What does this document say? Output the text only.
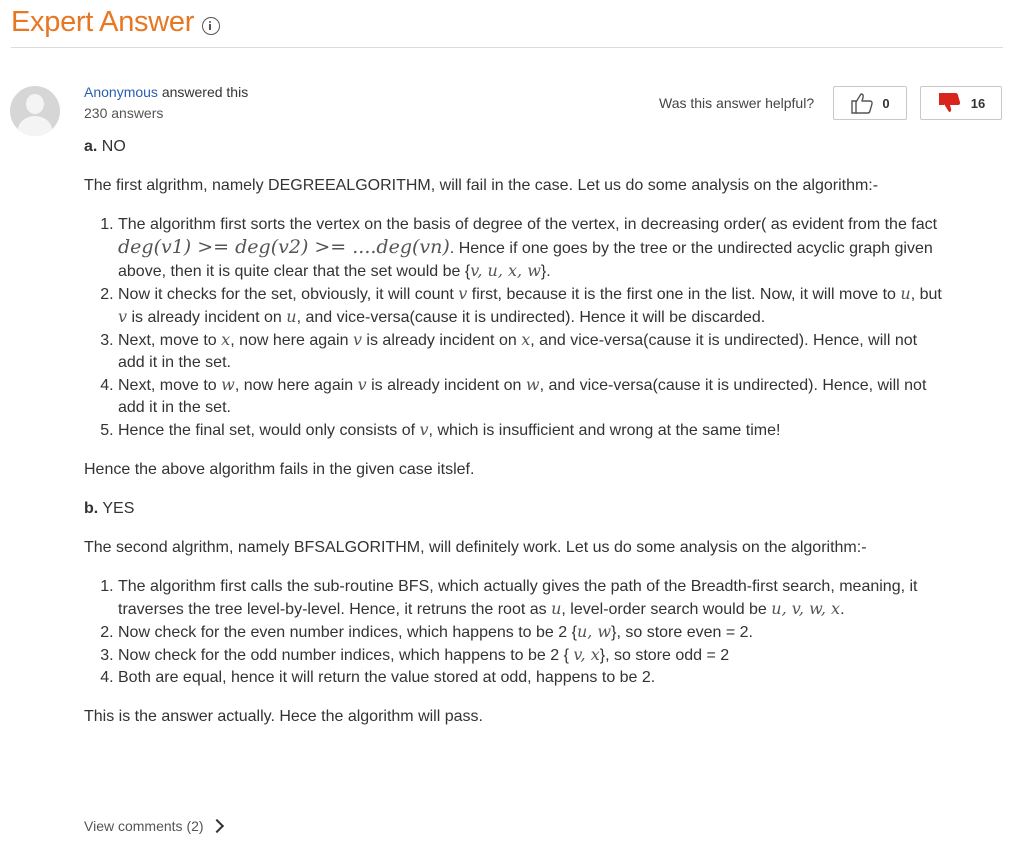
Expert Answer
Anonymous answered this
230 answers
Was this answer helpful?	0	16

a. NO

The first algrithm, namely DEGREEALGORITHM, will fail in the case. Let us do some analysis on the algorithm:-

1. The algorithm first sorts the vertex on the basis of degree of the vertex, in decreasing order( as evident from the fact deg(v1) >= deg(v2) >= ....deg(vn). Hence if one goes by the tree or the undirected acyclic graph given above, then it is quite clear that the set would be {v, u, x, w}.
2. Now it checks for the set, obviously, it will count v first, because it is the first one in the list. Now, it will move to u, but v is already incident on u, and vice-versa(cause it is undirected). Hence it will be discarded.
3. Next, move to x, now here again v is already incident on x, and vice-versa(cause it is undirected). Hence, will not add it in the set.
4. Next, move to w, now here again v is already incident on w, and vice-versa(cause it is undirected). Hence, will not add it in the set.
5. Hence the final set, would only consists of v, which is insufficient and wrong at the same time!

Hence the above algorithm fails in the given case itslef.

b. YES

The second algrithm, namely BFSALGORITHM, will definitely work. Let us do some analysis on the algorithm:-

1. The algorithm first calls the sub-routine BFS, which actually gives the path of the Breadth-first search, meaning, it traverses the tree level-by-level. Hence, it retruns the root as u, level-order search would be u, v, w, x.
2. Now check for the even number indices, which happens to be 2 {u, w}, so store even = 2.
3. Now check for the odd number indices, which happens to be 2 { v, x}, so store odd = 2
4. Both are equal, hence it will return the value stored at odd, happens to be 2.

This is the answer actually. Hece the algorithm will pass.

View comments (2)
